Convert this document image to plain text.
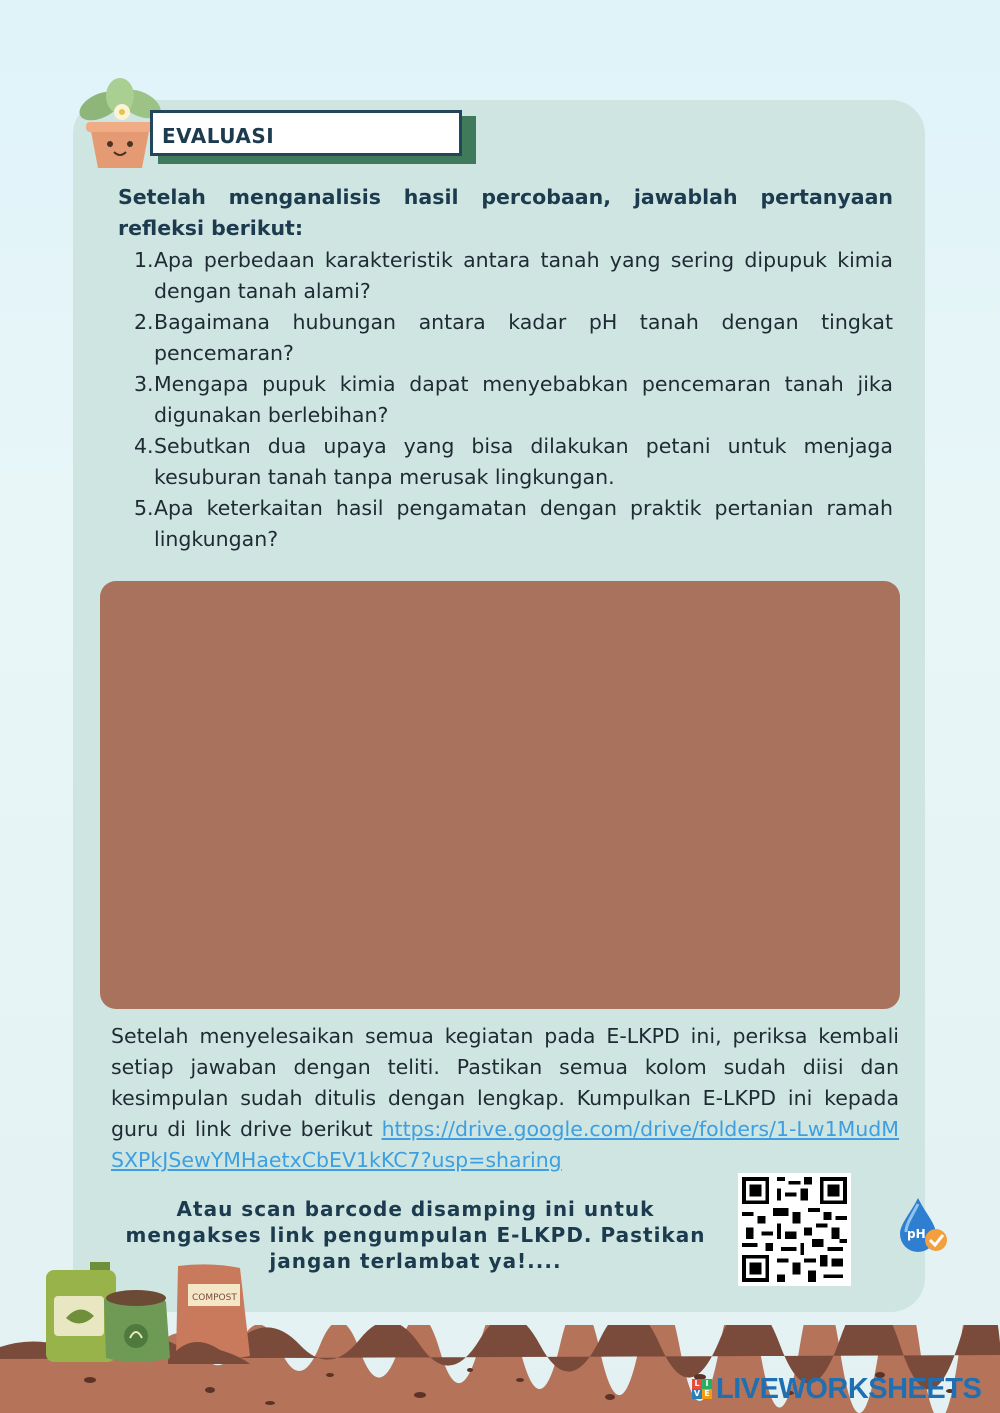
EVALUASI
Setelah menganalisis hasil percobaan, jawablah pertanyaan refleksi berikut:
1. Apa perbedaan karakteristik antara tanah yang sering dipupuk kimia dengan tanah alami?
2. Bagaimana hubungan antara kadar pH tanah dengan tingkat pencemaran?
3. Mengapa pupuk kimia dapat menyebabkan pencemaran tanah jika digunakan berlebihan?
4. Sebutkan dua upaya yang bisa dilakukan petani untuk menjaga kesuburan tanah tanpa merusak lingkungan.
5. Apa keterkaitan hasil pengamatan dengan praktik pertanian ramah lingkungan?
Setelah menyelesaikan semua kegiatan pada E-LKPD ini, periksa kembali setiap jawaban dengan teliti. Pastikan semua kolom sudah diisi dan kesimpulan sudah ditulis dengan lengkap. Kumpulkan E-LKPD ini kepada guru di link drive berikut https://drive.google.com/drive/folders/1-Lw1MudMSXPkJSewYMHaetxCbEV1kKC7?usp=sharing
Atau scan barcode disamping ini untuk mengakses link pengumpulan E-LKPD. Pastikan jangan terlambat ya!....
pH
COMPOST
L I
V E LIVEWORKSHEETS
